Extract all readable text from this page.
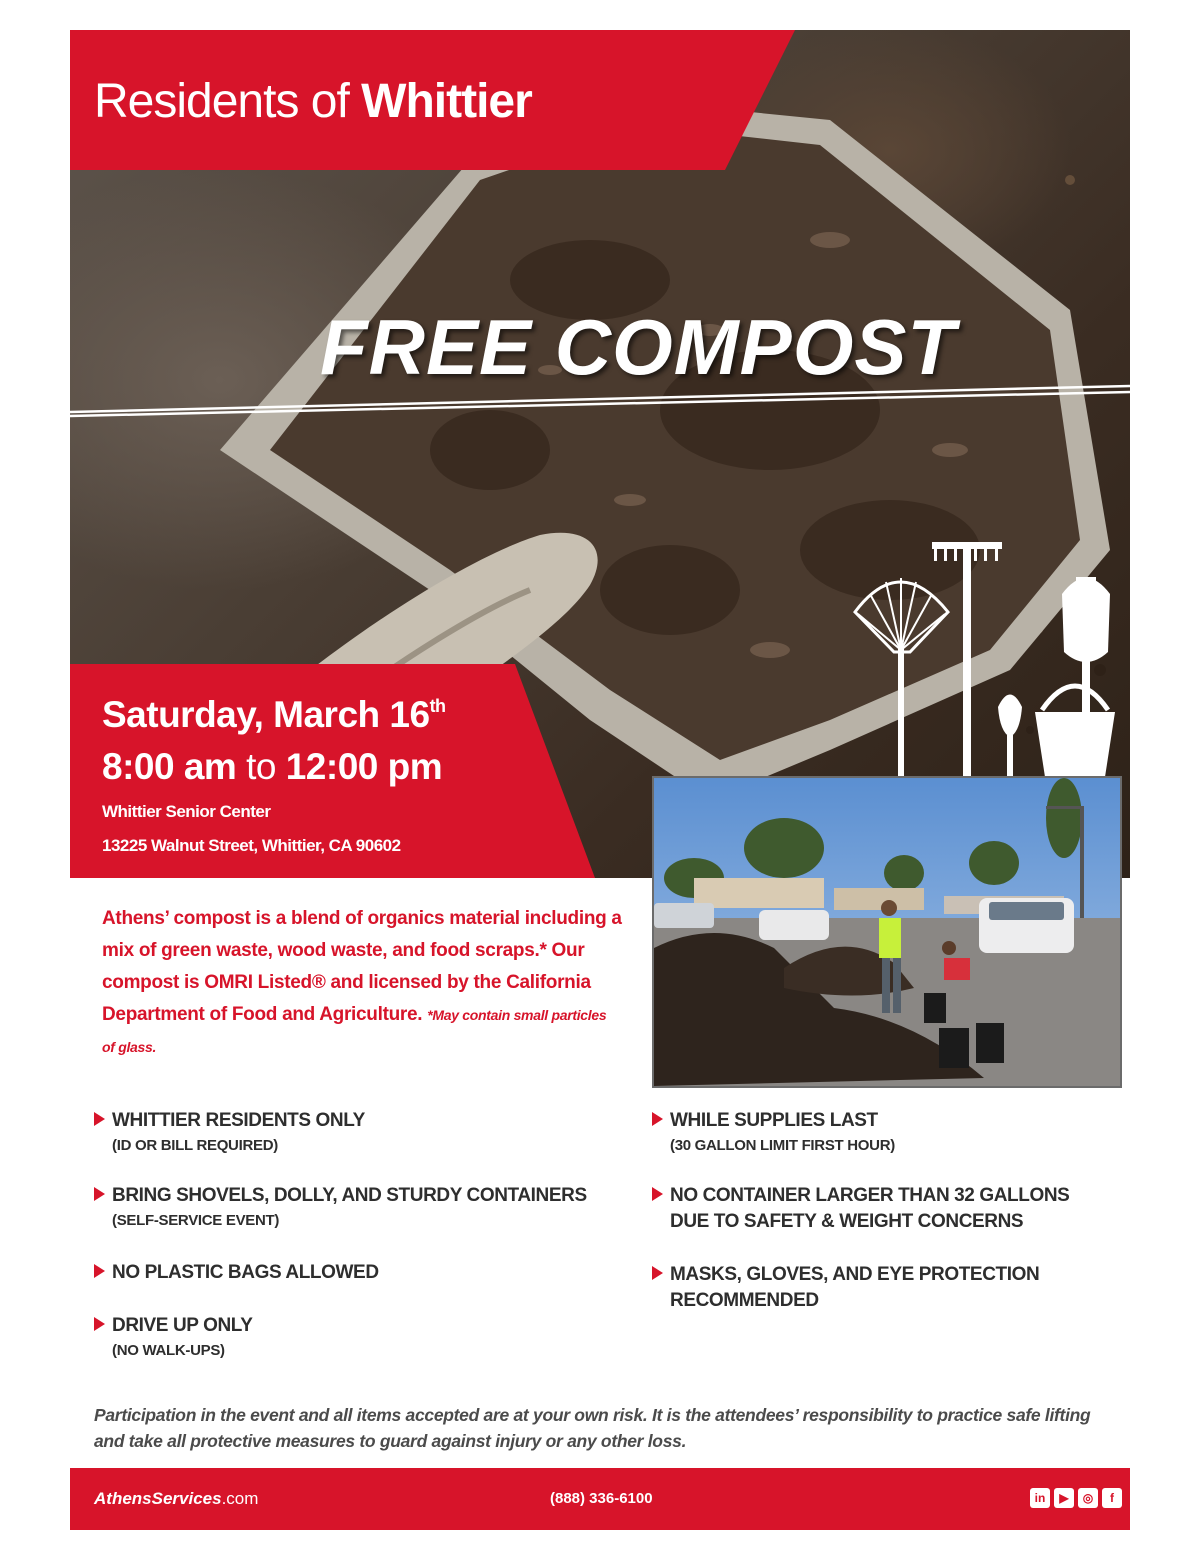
Residents of Whittier
FREE COMPOST
Saturday, March 16th
8:00 am to 12:00 pm
Whittier Senior Center
13225 Walnut Street, Whittier, CA 90602
Athens’ compost is a blend of organics material including a mix of green waste, wood waste, and food scraps.* Our compost is OMRI Listed® and licensed by the California Department of Food and Agriculture. *May contain small particles of glass.
WHITTIER RESIDENTS ONLY
(ID OR BILL REQUIRED)
BRING SHOVELS, DOLLY, AND STURDY CONTAINERS
(SELF-SERVICE EVENT)
NO PLASTIC BAGS ALLOWED
DRIVE UP ONLY
(NO WALK-UPS)
WHILE SUPPLIES LAST
(30 GALLON LIMIT FIRST HOUR)
NO CONTAINER LARGER THAN 32 GALLONS
DUE TO SAFETY & WEIGHT CONCERNS
MASKS, GLOVES, AND EYE PROTECTION
RECOMMENDED
Participation in the event and all items accepted are at your own risk. It is the attendees’ responsibility to practice safe lifting and take all protective measures to guard against injury or any other loss.
AthensServices.com	(888) 336-6100	in	▶	◎	f
